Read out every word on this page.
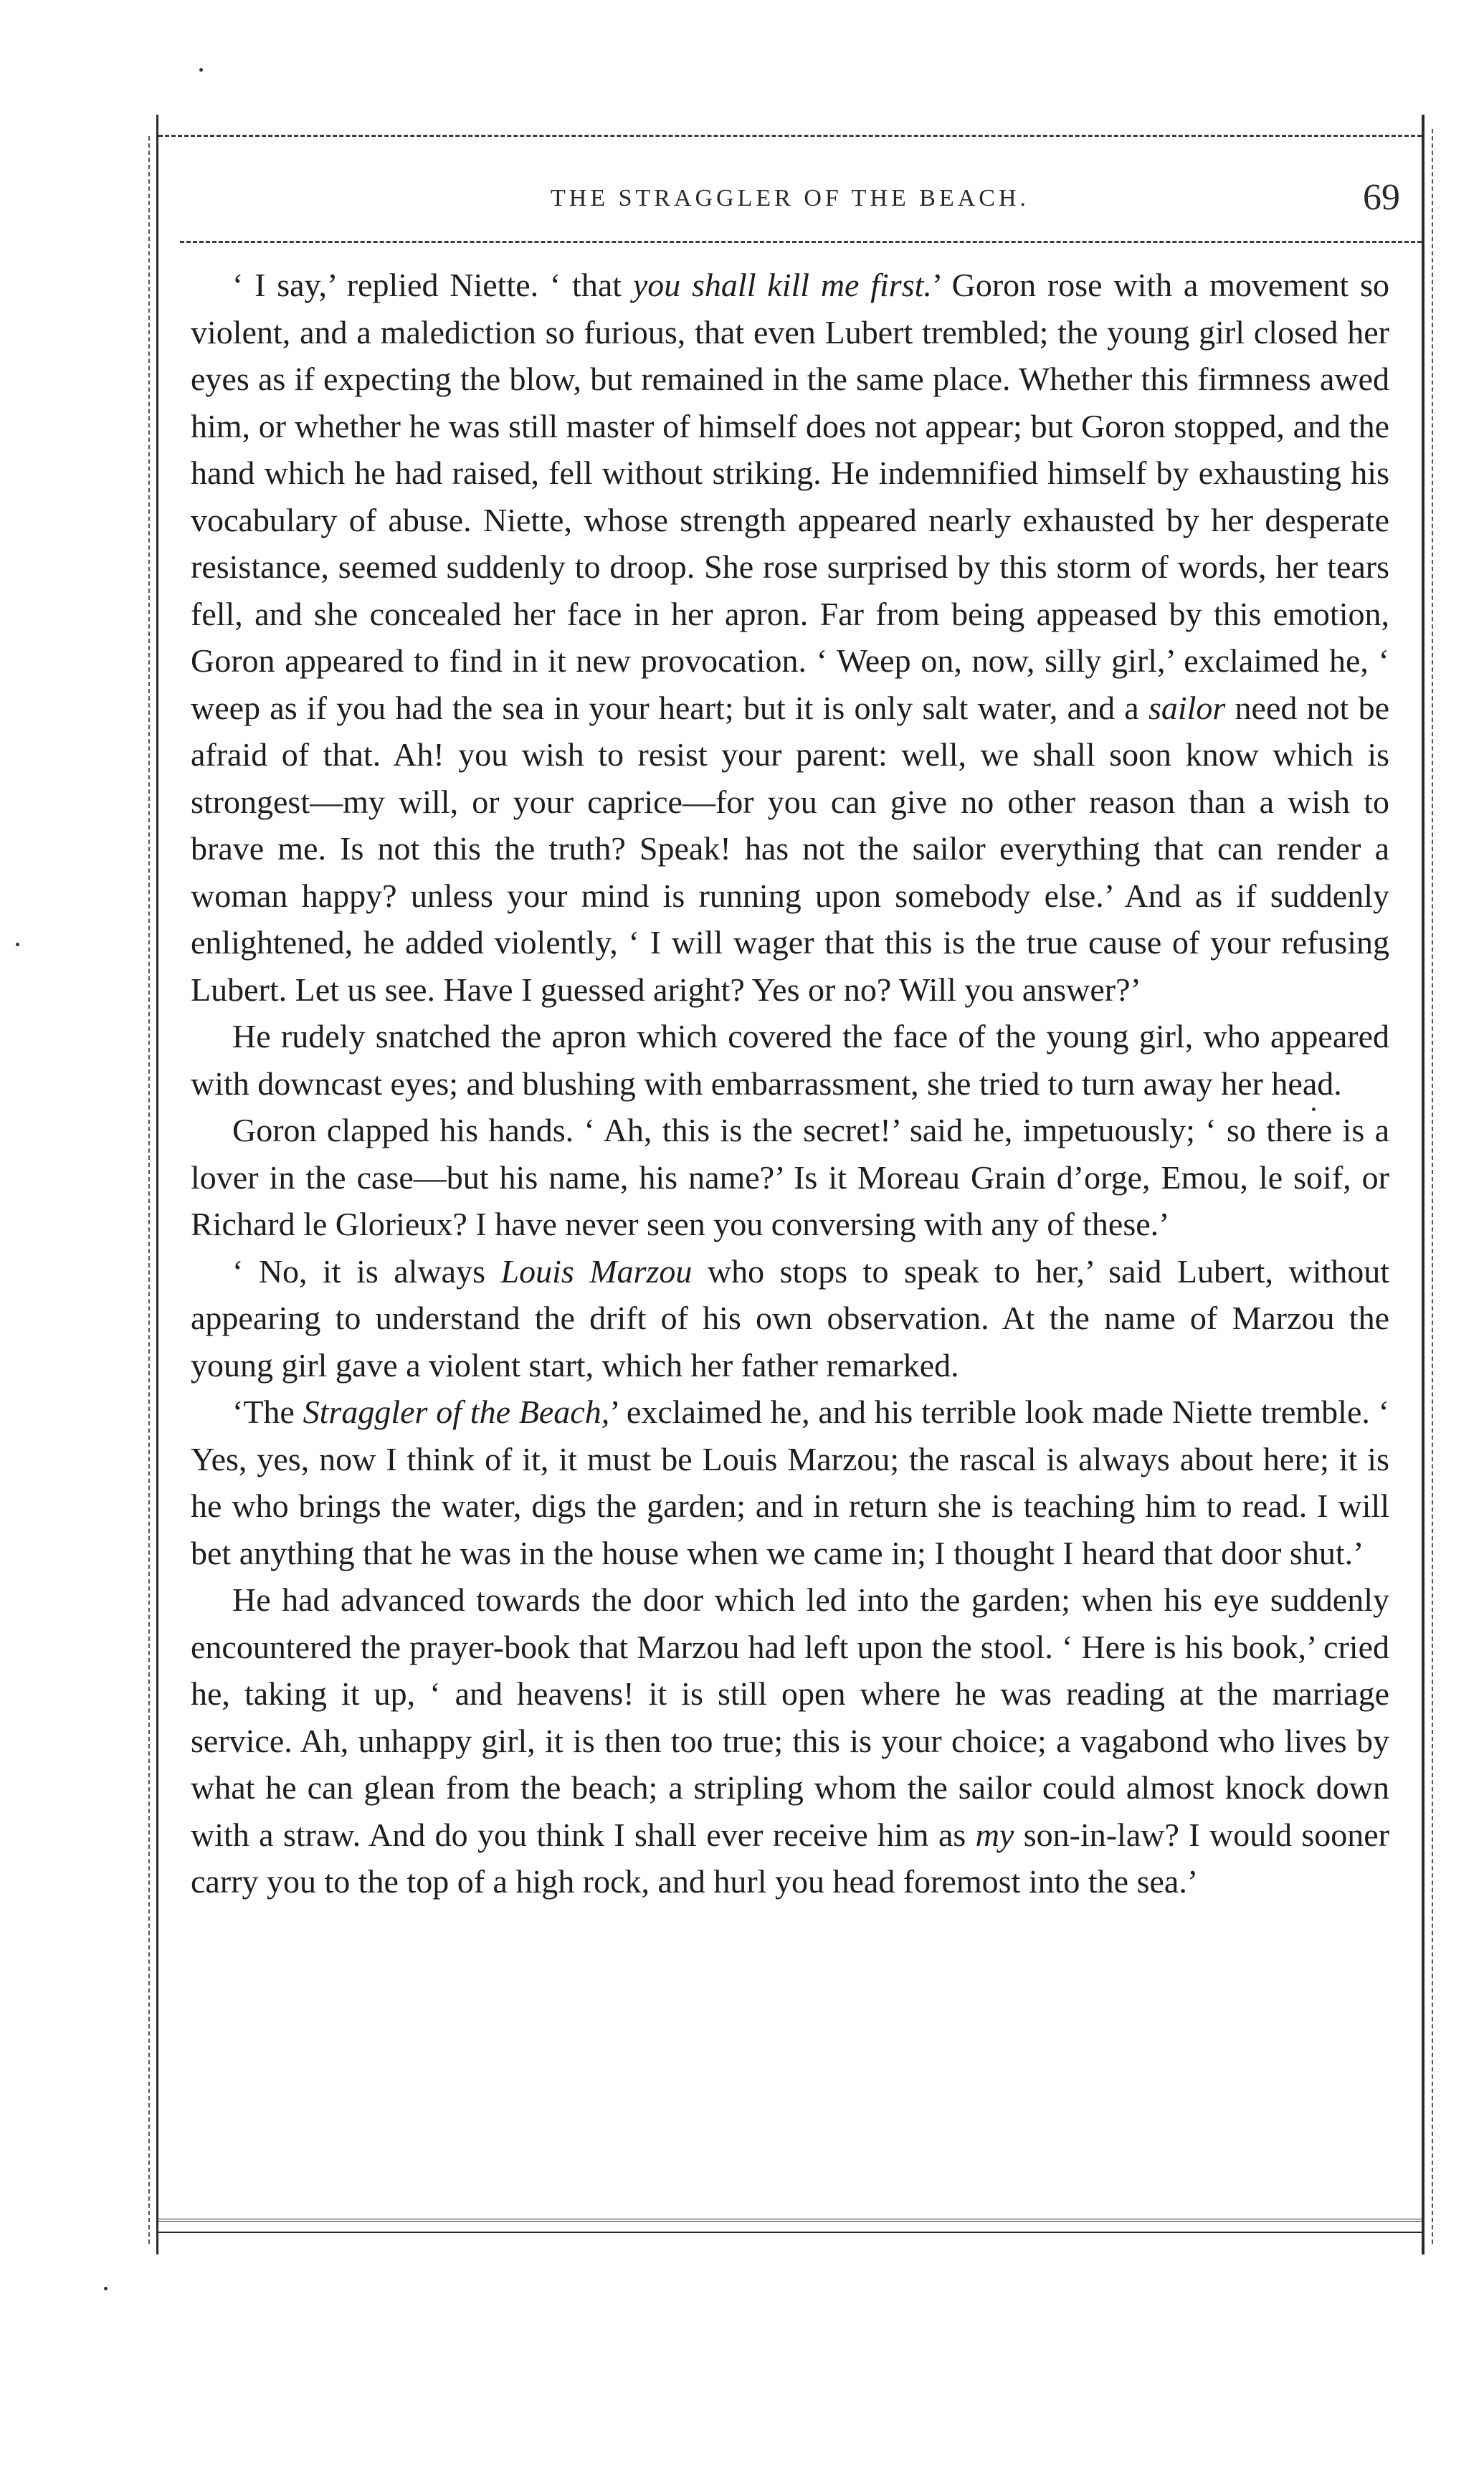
THE STRAGGLER OF THE BEACH.	69

‘ I say,’ replied Niette. ‘ that you shall kill me first.’ Goron rose with a movement so violent, and a malediction so furious, that even Lubert trembled; the young girl closed her eyes as if expecting the blow, but remained in the same place. Whether this firmness awed him, or whether he was still master of himself does not appear; but Goron stopped, and the hand which he had raised, fell without striking. He indemnified himself by exhausting his vocabulary of abuse. Niette, whose strength appeared nearly exhausted by her desperate resistance, seemed suddenly to droop. She rose surprised by this storm of words, her tears fell, and she concealed her face in her apron. Far from being appeased by this emotion, Goron appeared to find in it new provocation. ‘ Weep on, now, silly girl,’ exclaimed he, ‘ weep as if you had the sea in your heart; but it is only salt water, and a sailor need not be afraid of that. Ah! you wish to resist your parent: well, we shall soon know which is strongest—my will, or your caprice—for you can give no other reason than a wish to brave me. Is not this the truth? Speak! has not the sailor everything that can render a woman happy? unless your mind is running upon somebody else.’ And as if suddenly enlightened, he added violently, ‘ I will wager that this is the true cause of your refusing Lubert. Let us see. Have I guessed aright? Yes or no? Will you answer?’

He rudely snatched the apron which covered the face of the young girl, who appeared with downcast eyes; and blushing with embarrassment, she tried to turn away her head.

Goron clapped his hands. ‘ Ah, this is the secret!’ said he, impetuously; ‘ so there is a lover in the case—but his name, his name?’ Is it Moreau Grain d’orge, Emou, le soif, or Richard le Glorieux? I have never seen you conversing with any of these.’

‘ No, it is always Louis Marzou who stops to speak to her,’ said Lubert, without appearing to understand the drift of his own observation. At the name of Marzou the young girl gave a violent start, which her father remarked.

‘The Straggler of the Beach,’ exclaimed he, and his terrible look made Niette tremble. ‘ Yes, yes, now I think of it, it must be Louis Marzou; the rascal is always about here; it is he who brings the water, digs the garden; and in return she is teaching him to read. I will bet anything that he was in the house when we came in; I thought I heard that door shut.’

He had advanced towards the door which led into the garden; when his eye suddenly encountered the prayer-book that Marzou had left upon the stool. ‘ Here is his book,’ cried he, taking it up, ‘ and heavens! it is still open where he was reading at the marriage service. Ah, unhappy girl, it is then too true; this is your choice; a vagabond who lives by what he can glean from the beach; a stripling whom the sailor could almost knock down with a straw. And do you think I shall ever receive him as my son-in-law? I would sooner carry you to the top of a high rock, and hurl you head foremost into the sea.’
